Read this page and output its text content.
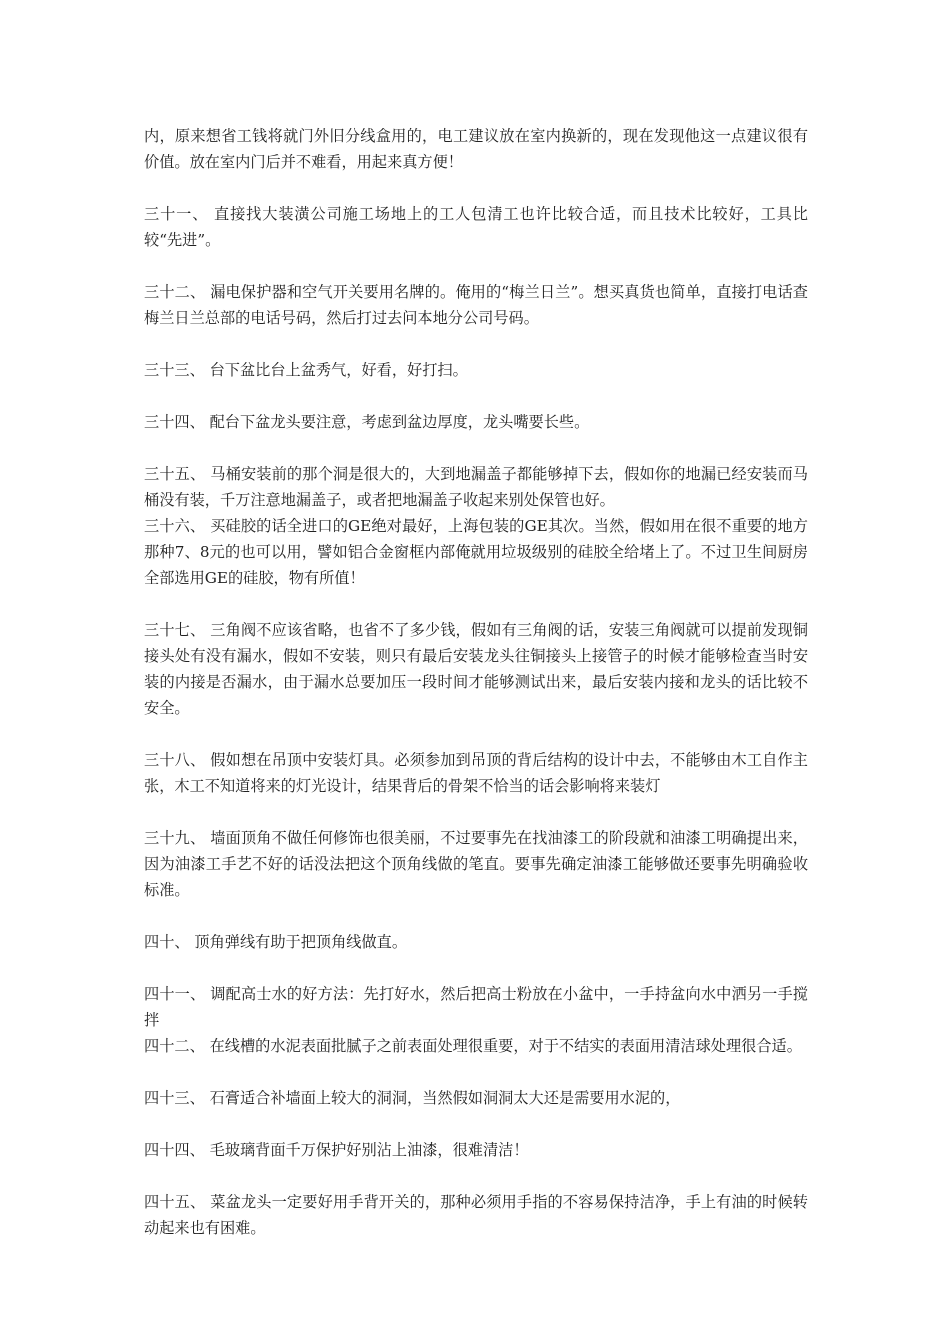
内，原来想省工钱将就门外旧分线盒用的，电工建议放在室内换新的，现在发现他这一点建议很有价值。放在室内门后并不难看，用起来真方便！

三十一、 直接找大装潢公司施工场地上的工人包清工也许比较合适，而且技术比较好，工具比较“先进”。

三十二、 漏电保护器和空气开关要用名牌的。俺用的“梅兰日兰”。想买真货也简单，直接打电话查梅兰日兰总部的电话号码，然后打过去问本地分公司号码。

三十三、 台下盆比台上盆秀气，好看，好打扫。

三十四、 配台下盆龙头要注意，考虑到盆边厚度，龙头嘴要长些。

三十五、 马桶安装前的那个洞是很大的，大到地漏盖子都能够掉下去，假如你的地漏已经安装而马桶没有装，千万注意地漏盖子，或者把地漏盖子收起来别处保管也好。

三十六、 买硅胶的话全进口的GE绝对最好，上海包装的GE其次。当然，假如用在很不重要的地方那种7、8元的也可以用，譬如铝合金窗框内部俺就用垃圾级别的硅胶全给堵上了。不过卫生间厨房全部选用GE的硅胶，物有所值！

三十七、 三角阀不应该省略，也省不了多少钱，假如有三角阀的话，安装三角阀就可以提前发现铜接头处有没有漏水，假如不安装，则只有最后安装龙头往铜接头上接管子的时候才能够检查当时安装的内接是否漏水，由于漏水总要加压一段时间才能够测试出来，最后安装内接和龙头的话比较不安全。

三十八、 假如想在吊顶中安装灯具。必须参加到吊顶的背后结构的设计中去，不能够由木工自作主张，木工不知道将来的灯光设计，结果背后的骨架不恰当的话会影响将来装灯

三十九、 墙面顶角不做任何修饰也很美丽，不过要事先在找油漆工的阶段就和油漆工明确提出来，因为油漆工手艺不好的话没法把这个顶角线做的笔直。要事先确定油漆工能够做还要事先明确验收标准。

四十、 顶角弹线有助于把顶角线做直。

四十一、 调配高士水的好方法：先打好水，然后把高士粉放在小盆中，一手持盆向水中洒另一手搅拌

四十二、 在线槽的水泥表面批腻子之前表面处理很重要，对于不结实的表面用清洁球处理很合适。

四十三、 石膏适合补墙面上较大的洞洞，当然假如洞洞太大还是需要用水泥的，

四十四、 毛玻璃背面千万保护好别沾上油漆，很难清洁！

四十五、 菜盆龙头一定要好用手背开关的，那种必须用手指的不容易保持洁净，手上有油的时候转动起来也有困难。
